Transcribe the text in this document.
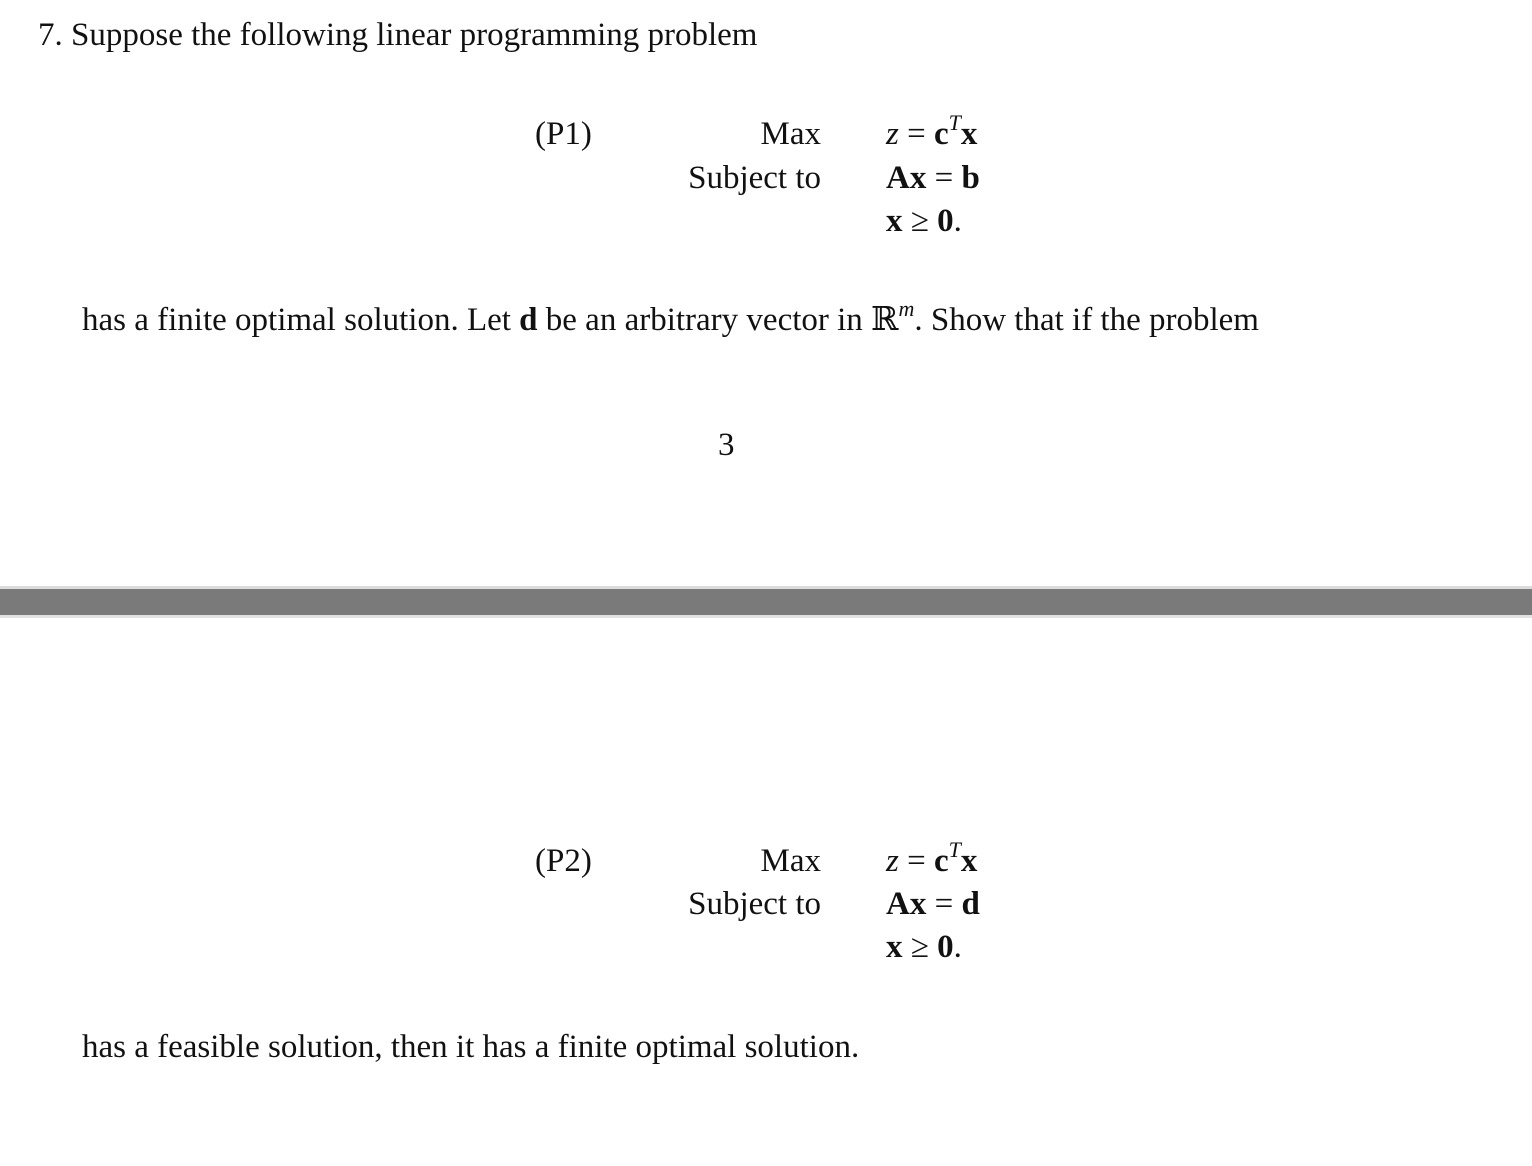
7. Suppose the following linear programming problem
(P1)	Max
Subject to
$z = c^Tx$
Ax = b
x ≥ 0.
has a finite optimal solution. Let d be an arbitrary vector in ℝ$^m$. Show that if the problem
3
(P2)	Max
Subject to
$z = c^Tx$
Ax = d
x ≥ 0.
has a feasible solution, then it has a finite optimal solution.
